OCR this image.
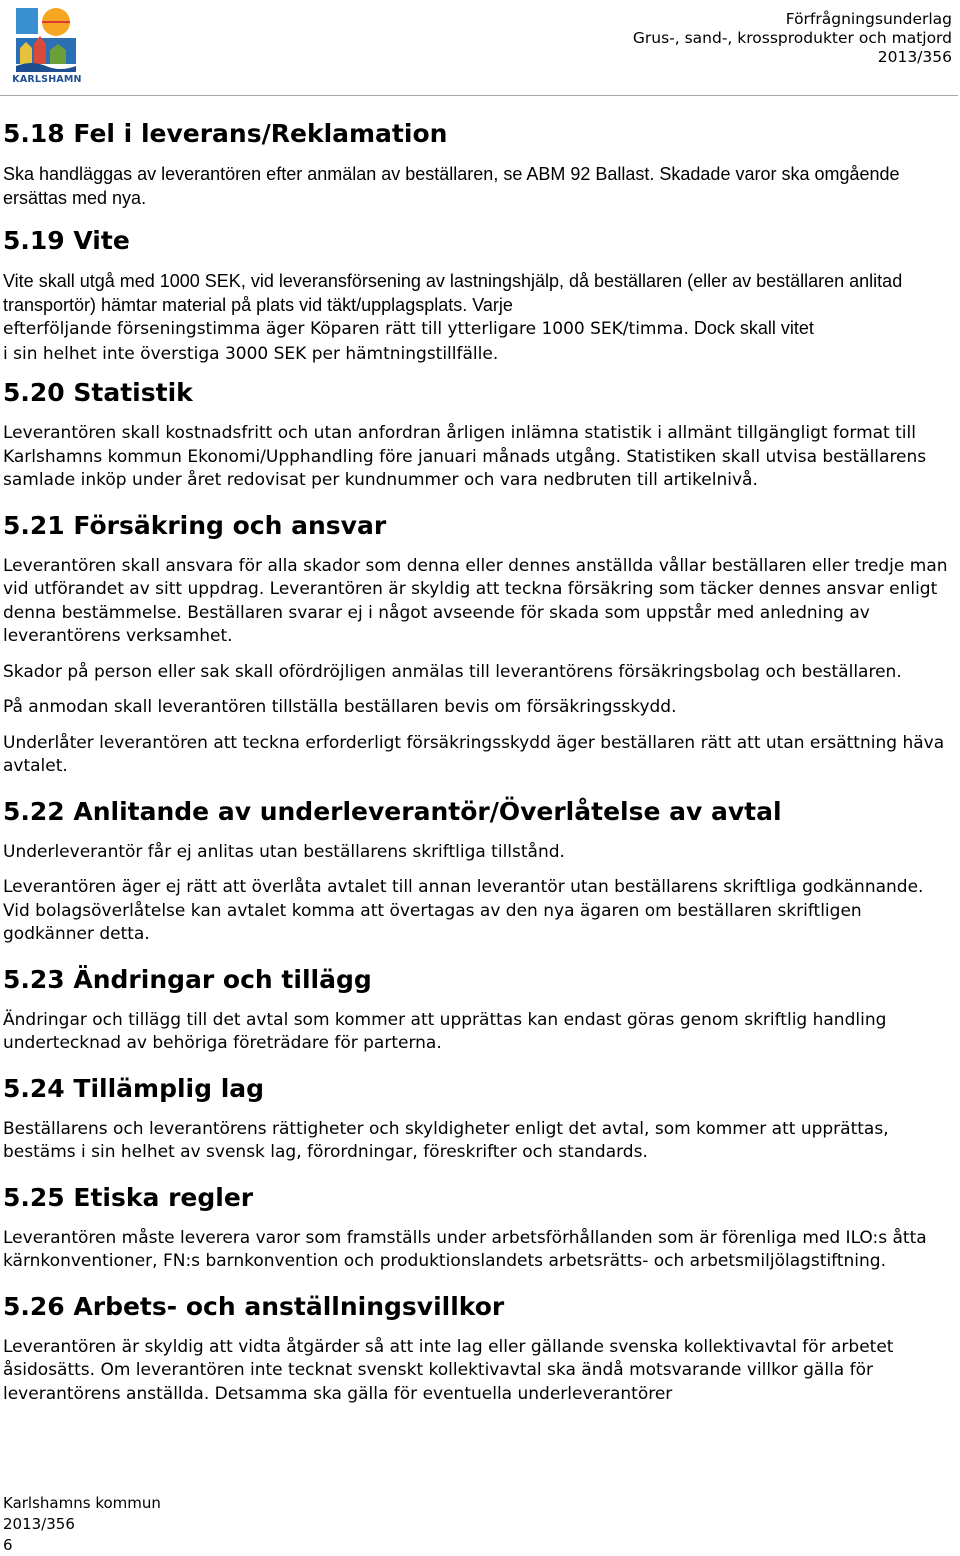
KARLSHAMN
Förfrågningsunderlag
Grus-, sand-, krossprodukter och matjord
2013/356
5.18 Fel i leverans/Reklamation

Ska handläggas av leverantören efter anmälan av beställaren, se ABM 92 Ballast. Skadade varor ska omgående ersättas med nya.

5.19 Vite

Vite skall utgå med 1000 SEK, vid leveransförsening av lastningshjälp, då beställaren (eller av beställaren anlitad transportör) hämtar material på plats vid täkt/upplagsplats. Varje
efterföljande förseningstimma äger Köparen rätt till ytterligare 1000 SEK/timma. Dock skall vitet
i sin helhet inte överstiga 3000 SEK per hämtningstillfälle.

5.20 Statistik

Leverantören skall kostnadsfritt och utan anfordran årligen inlämna statistik i allmänt tillgängligt format till Karlshamns kommun Ekonomi/Upphandling före januari månads utgång. Statistiken skall utvisa beställarens samlade inköp under året redovisat per kundnummer och vara nedbruten till artikelnivå.

5.21 Försäkring och ansvar

Leverantören skall ansvara för alla skador som denna eller dennes anställda vållar beställaren eller tredje man vid utförandet av sitt uppdrag. Leverantören är skyldig att teckna försäkring som täcker dennes ansvar enligt denna bestämmelse. Beställaren svarar ej i något avseende för skada som uppstår med anledning av leverantörens verksamhet.

Skador på person eller sak skall ofördröjligen anmälas till leverantörens försäkringsbolag och beställaren.

På anmodan skall leverantören tillställa beställaren bevis om försäkringsskydd.

Underlåter leverantören att teckna erforderligt försäkringsskydd äger beställaren rätt att utan ersättning häva avtalet.

5.22 Anlitande av underleverantör/Överlåtelse av avtal

Underleverantör får ej anlitas utan beställarens skriftliga tillstånd.

Leverantören äger ej rätt att överlåta avtalet till annan leverantör utan beställarens skriftliga godkännande. Vid bolagsöverlåtelse kan avtalet komma att övertagas av den nya ägaren om beställaren skriftligen godkänner detta.

5.23 Ändringar och tillägg

Ändringar och tillägg till det avtal som kommer att upprättas kan endast göras genom skriftlig handling undertecknad av behöriga företrädare för parterna.

5.24 Tillämplig lag

Beställarens och leverantörens rättigheter och skyldigheter enligt det avtal, som kommer att upprättas, bestäms i sin helhet av svensk lag, förordningar, föreskrifter och standards.

5.25 Etiska regler

Leverantören måste leverera varor som framställs under arbetsförhållanden som är förenliga med ILO:s åtta kärnkonventioner, FN:s barnkonvention och produktionslandets arbetsrätts- och arbetsmiljölagstiftning.

5.26 Arbets- och anställningsvillkor

Leverantören är skyldig att vidta åtgärder så att inte lag eller gällande svenska kollektivavtal för arbetet åsidosätts. Om leverantören inte tecknat svenskt kollektivavtal ska ändå motsvarande villkor gälla för leverantörens anställda. Detsamma ska gälla för eventuella underleverantörer

Karlshamns kommun
2013/356
6
